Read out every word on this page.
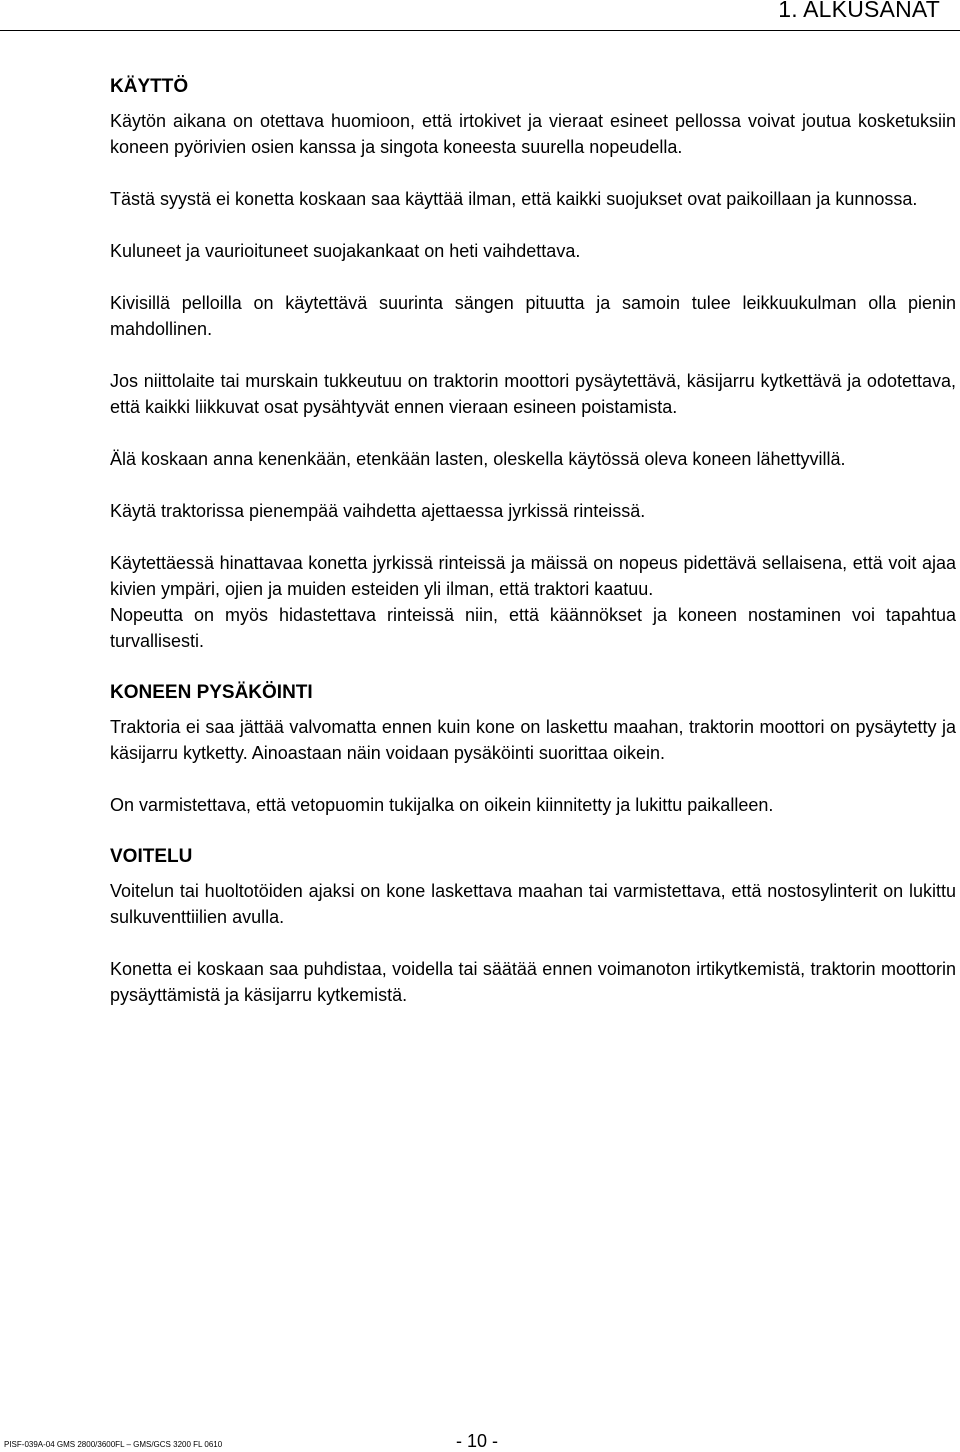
1. ALKUSANAT
KÄYTTÖ

Käytön aikana on otettava huomioon, että irtokivet ja vieraat esineet pellossa voivat joutua kosketuksiin koneen pyörivien osien kanssa ja singota koneesta suurella nopeudella.

Tästä syystä ei konetta koskaan saa käyttää ilman, että kaikki suojukset ovat paikoillaan ja kunnossa.

Kuluneet ja vaurioituneet suojakankaat on heti vaihdettava.

Kivisillä pelloilla on käytettävä suurinta sängen pituutta ja samoin tulee leikkuukulman olla pienin mahdollinen.

Jos niittolaite tai murskain tukkeutuu on traktorin moottori pysäytettävä, käsijarru kytkettävä ja odotettava, että kaikki liikkuvat osat pysähtyvät ennen vieraan esineen poistamista.

Älä koskaan anna kenenkään, etenkään lasten, oleskella käytössä oleva koneen lähettyvillä.

Käytä traktorissa pienempää vaihdetta ajettaessa jyrkissä rinteissä.

Käytettäessä hinattavaa konetta jyrkissä rinteissä ja mäissä on nopeus pidettävä sellaisena, että voit ajaa kivien ympäri, ojien ja muiden esteiden yli ilman, että traktori kaatuu.

Nopeutta on myös hidastettava rinteissä niin, että käännökset ja koneen nostaminen voi tapahtua turvallisesti.

KONEEN PYSÄKÖINTI

Traktoria ei saa jättää valvomatta ennen kuin kone on laskettu maahan, traktorin moottori on pysäytetty ja käsijarru kytketty. Ainoastaan näin voidaan pysäköinti suorittaa oikein.

On varmistettava, että vetopuomin tukijalka on oikein kiinnitetty ja lukittu paikalleen.

VOITELU

Voitelun tai huoltotöiden ajaksi on kone laskettava maahan tai varmistettava, että nostosylinterit on lukittu sulkuventtiilien avulla.

Konetta ei koskaan saa puhdistaa, voidella tai säätää ennen voimanoton irtikytkemistä, traktorin moottorin pysäyttämistä ja käsijarru kytkemistä.

PISF-039A-04 GMS 2800/3600FL – GMS/GCS 3200 FL 0610	- 10 -
